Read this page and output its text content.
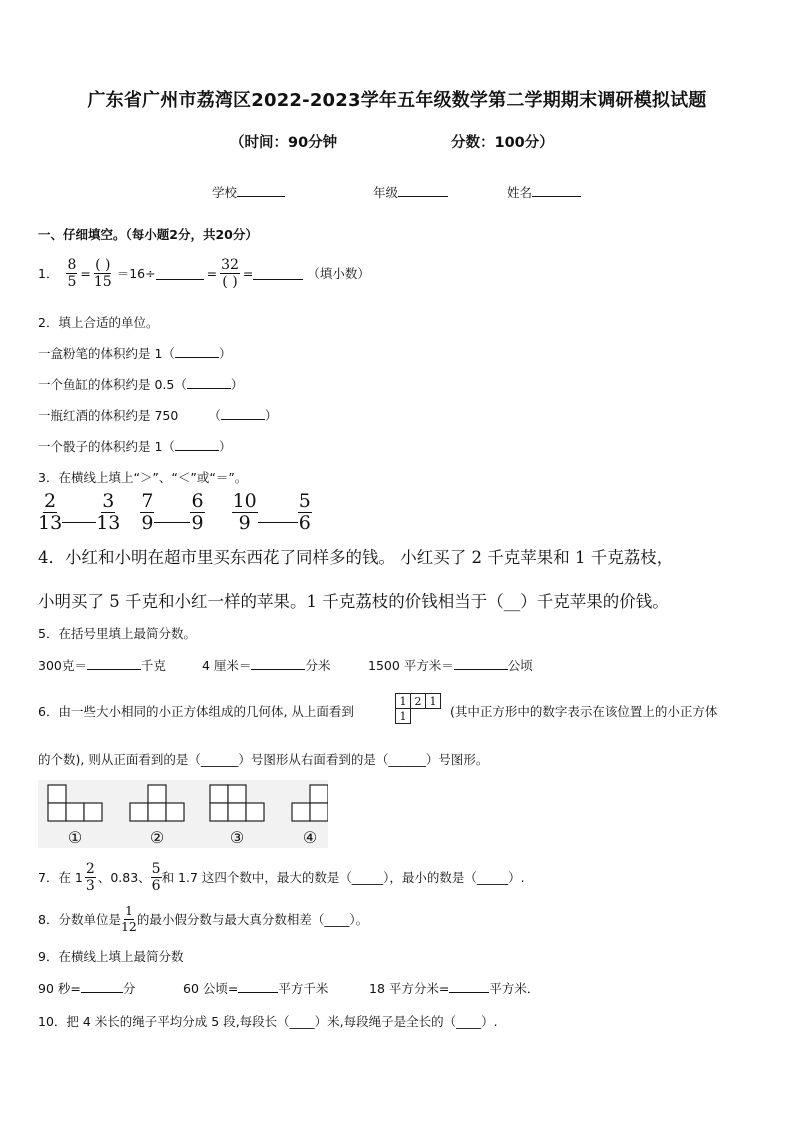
广东省广州市荔湾区2022-2023学年五年级数学第二学期期末调研模拟试题
（时间：90分钟	分数：100分）
学校	年级	姓名
一、仔细填空。（每小题2分，共20分）
1． $\frac{8}{5} = \frac{( )}{15} =16\div$	= $\frac{32}{( )}$ =	（填小数）
2．填上合适的单位。
一盒粉笔的体积约是 1（	）
一个鱼缸的体积约是 0.5（	）
一瓶红酒的体积约是 750 （	）
一个骰子的体积约是 1（	）
3．在横线上填上“＞”、“＜”或“＝”。
$\frac{2}{13} \frac{3}{13} \frac{7}{9} \frac{6}{9} \frac{10}{9} \frac{5}{6}$
4．小红和小明在超市里买东西花了同样多的钱。 小红买了 2 千克苹果和 1 千克荔枝，
小明买了 5 千克和小红一样的苹果。1 千克荔枝的价钱相当于（__）千克苹果的价钱。
5．在括号里填上最简分数。
300克＝	千克	4 厘米＝	分米	1500 平方米＝	公顷
6．由一些大小相同的小正方体组成的几何体, 从上面看到
1	2	1
1			(其中正方形中的数字表示在该位置上的小正方体
的个数), 则从正面看到的是（______）号图形从右面看到的是（______）号图形。
①	②	③	④
7．在 $1 \frac{2}{3}$ 、0.83、 $\frac{5}{6}$ 和 1.7 这四个数中，最大的数是（_____），最小的数是（_____）.
8．分数单位是 $\frac{1}{12}$ 的最小假分数与最大真分数相差（____）。
9．在横线上填上最简分数
90 秒=	分	60 公顷=	平方千米	18 平方分米=	平方米．
10．把 4 米长的绳子平均分成 5 段,每段长（____）米,每段绳子是全长的（____）.
